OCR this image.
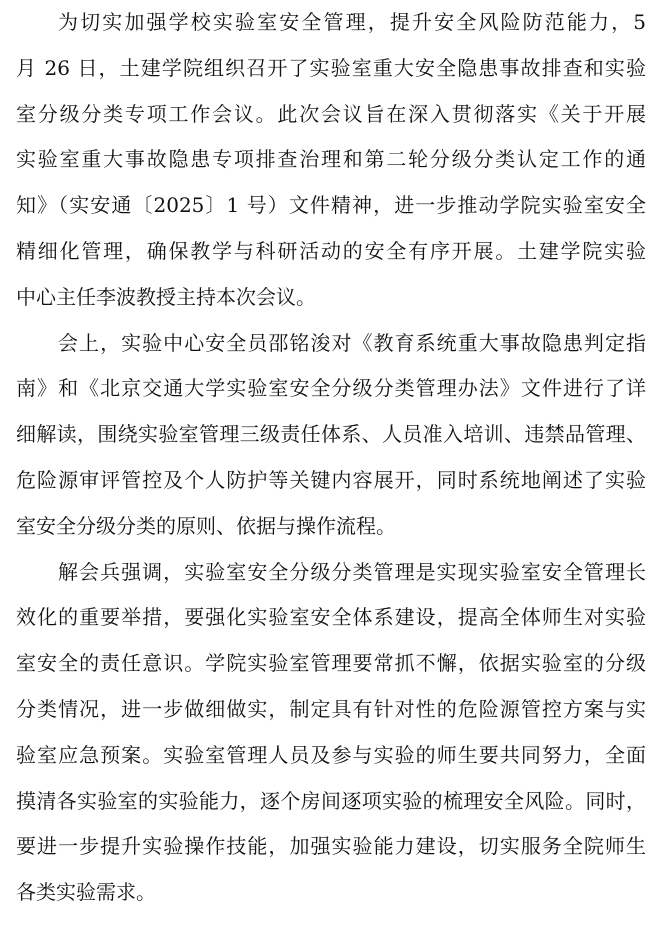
为切实加强学校实验室安全管理，提升安全风险防范能力，5
月 26 日，土建学院组织召开了实验室重大安全隐患事故排查和实验
室分级分类专项工作会议。此次会议旨在深入贯彻落实《关于开展
实验室重大事故隐患专项排查治理和第二轮分级分类认定工作的通
知》（实安通〔2025〕1 号）文件精神，进一步推动学院实验室安全
精细化管理，确保教学与科研活动的安全有序开展。土建学院实验
中心主任李波教授主持本次会议。
会上，实验中心安全员邵铭浚对《教育系统重大事故隐患判定指
南》和《北京交通大学实验室安全分级分类管理办法》文件进行了详
细解读，围绕实验室管理三级责任体系、人员准入培训、违禁品管理、
危险源审评管控及个人防护等关键内容展开，同时系统地阐述了实验
室安全分级分类的原则、依据与操作流程。
解会兵强调，实验室安全分级分类管理是实现实验室安全管理长
效化的重要举措，要强化实验室安全体系建设，提高全体师生对实验
室安全的责任意识。学院实验室管理要常抓不懈，依据实验室的分级
分类情况，进一步做细做实，制定具有针对性的危险源管控方案与实
验室应急预案。实验室管理人员及参与实验的师生要共同努力，全面
摸清各实验室的实验能力，逐个房间逐项实验的梳理安全风险。同时，
要进一步提升实验操作技能，加强实验能力建设，切实服务全院师生
各类实验需求。
